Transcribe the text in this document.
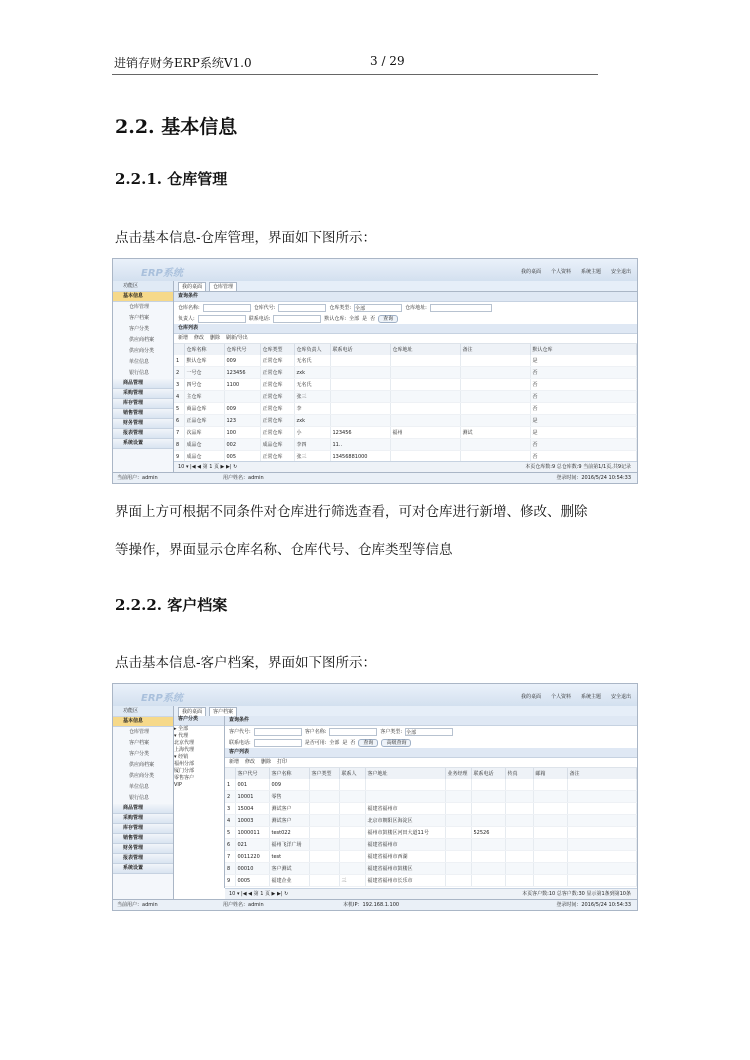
进销存财务ERP系统V1.0	3 / 29
2.2. 基本信息
2.2.1. 仓库管理
点击基本信息-仓库管理，界面如下图所示：
ERP系统	我的桌面 个人资料 系统主题 安全退出
功能区
基本信息
仓库管理
客户档案
客户分类
供应商档案
供应商分类
单位信息
银行信息
商品管理
采购管理
库存管理
销售管理
财务管理
报表管理
系统设置
我的桌面	仓库管理
查询条件
仓库名称:	仓库代号:	仓库类型: 全部	仓库地址:
负责人:	联系电话:	默认仓库: 全部 是 否	查询
仓库列表
新增 修改 删除 刷新/导出
	仓库名称	仓库代号	仓库类型	仓库负责人	联系电话	仓库地址	备注	默认仓库
1	默认仓库	009	正常仓库	无名氏				是
2	一号仓	123456	正常仓库	zxk				否
3	四号仓	1100	正常仓库	无名氏				否
4	主仓库		正常仓库	张三				否
5	商品仓库	009	正常仓库	李				否
6	正品仓库	123	正常仓库	zxk				是
7	次品库	100	正常仓库	小	123456	福州	测试	是
8	成品仓	002	成品仓库	李四	11..			否
9	成品仓	005	正常仓库	张三	13456881000			否
10 ▾ |◀ ◀ 第 1 页 ▶ ▶| ↻	本页仓库数:9 总仓库数:9 当前第1/1页,共9记录
当前用户：admin	用户姓名：admin	登录时间：2016/5/24 10:54:33
界面上方可根据不同条件对仓库进行筛选查看，可对仓库进行新增、修改、删除
等操作，界面显示仓库名称、仓库代号、仓库类型等信息
2.2.2. 客户档案
点击基本信息-客户档案，界面如下图所示：
ERP系统	我的桌面 个人资料 系统主题 安全退出
功能区
基本信息
仓库管理
客户档案
客户分类
供应商档案
供应商分类
单位信息
银行信息
商品管理
采购管理
库存管理
销售管理
财务管理
报表管理
系统设置
我的桌面	客户档案
客户分类
▸ 全部
▾ 代理
北京代理
上海代理
▾ 经销
福州分部
厦门分部
零售客户
VIP
查询条件
客户代号:	客户名称:	客户类型: 全部
联系电话:	是否可用: 全部 是 否	查询	高级查询
客户列表
新增 修改 删除 打印
	客户代号	客户名称	客户类型	联系人	客户地址	业务经理	联系电话	传真	邮箱	备注
1	001	009								
2	10001	零售								
3	15004	测试客户			福建省福州市					
4	10003	测试客户			北京市朝阳区海淀区					
5	1000011	test022			福州市鼓楼区河田大道11号		52526			
6	021	福州飞洋广场			福建省福州市					
7	0011220	test			福建省福州市西湖					
8	00010	客户测试			福建省福州市鼓楼区					
9	0005	福建企业		三	福建省福州市长乐市					
10 ▾ |◀ ◀ 第 1 页 ▶ ▶| ↻	本页客户数:10 总客户数:30 显示第1条到第10条
当前用户：admin	用户姓名：admin	本机IP：192.168.1.100	登录时间：2016/5/24 10:54:33
